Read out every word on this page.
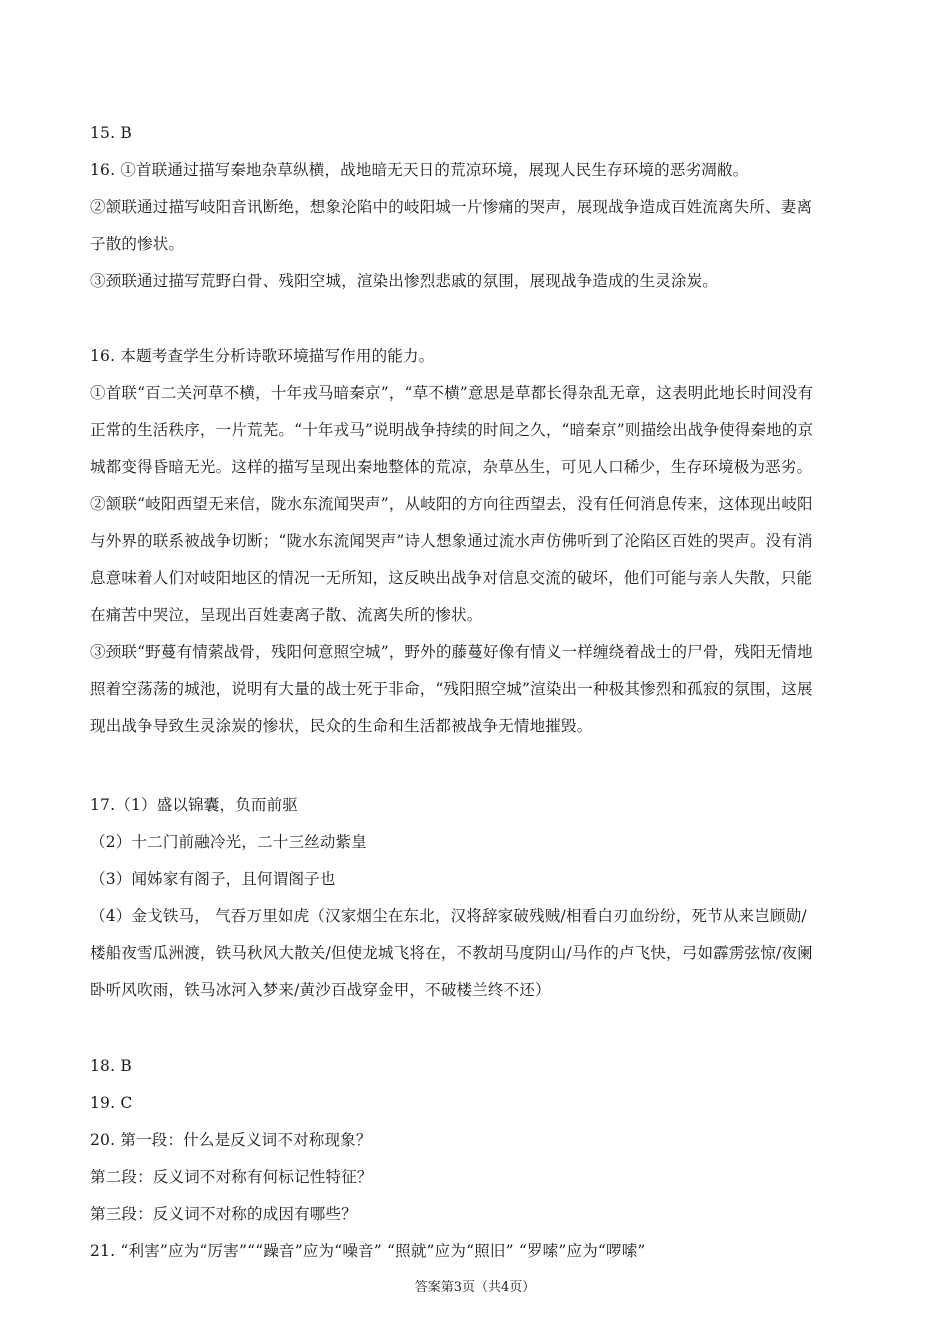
15. B
16. ①首联通过描写秦地杂草纵横，战地暗无天日的荒凉环境，展现人民生存环境的恶劣凋敝。
②颔联通过描写岐阳音讯断绝，想象沦陷中的岐阳城一片惨痛的哭声，展现战争造成百姓流离失所、妻离
子散的惨状。
③颈联通过描写荒野白骨、残阳空城，渲染出惨烈悲戚的氛围，展现战争造成的生灵涂炭。
16. 本题考查学生分析诗歌环境描写作用的能力。
①首联“百二关河草不横，十年戎马暗秦京”，“草不横”意思是草都长得杂乱无章，这表明此地长时间没有
正常的生活秩序，一片荒芜。“十年戎马”说明战争持续的时间之久，“暗秦京”则描绘出战争使得秦地的京
城都变得昏暗无光。这样的描写呈现出秦地整体的荒凉，杂草丛生，可见人口稀少，生存环境极为恶劣。
②颔联“岐阳西望无来信，陇水东流闻哭声”，从岐阳的方向往西望去，没有任何消息传来，这体现出岐阳
与外界的联系被战争切断；“陇水东流闻哭声”诗人想象通过流水声仿佛听到了沦陷区百姓的哭声。没有消
息意味着人们对岐阳地区的情况一无所知，这反映出战争对信息交流的破坏，他们可能与亲人失散，只能
在痛苦中哭泣，呈现出百姓妻离子散、流离失所的惨状。
③颈联“野蔓有情萦战骨，残阳何意照空城”，野外的藤蔓好像有情义一样缠绕着战士的尸骨，残阳无情地
照着空荡荡的城池，说明有大量的战士死于非命，“残阳照空城”渲染出一种极其惨烈和孤寂的氛围，这展
现出战争导致生灵涂炭的惨状，民众的生命和生活都被战争无情地摧毁。
17.（1）盛以锦囊，负而前驱
（2）十二门前融冷光，二十三丝动紫皇
（3）闻姊家有阁子，且何谓阁子也
（4）金戈铁马， 气吞万里如虎（汉家烟尘在东北，汉将辞家破残贼/相看白刃血纷纷，死节从来岂顾勋/
楼船夜雪瓜洲渡，铁马秋风大散关/但使龙城飞将在，不教胡马度阴山/马作的卢飞快，弓如霹雳弦惊/夜阑
卧听风吹雨，铁马冰河入梦来/黄沙百战穿金甲，不破楼兰终不还）
18. B
19. C
20. 第一段：什么是反义词不对称现象？
第二段：反义词不对称有何标记性特征？
第三段：反义词不对称的成因有哪些？
21. “利害”应为“厉害”““躁音”应为“噪音” “照就”应为“照旧” “罗嗦”应为“啰嗦”
答案第3页（共4页）
